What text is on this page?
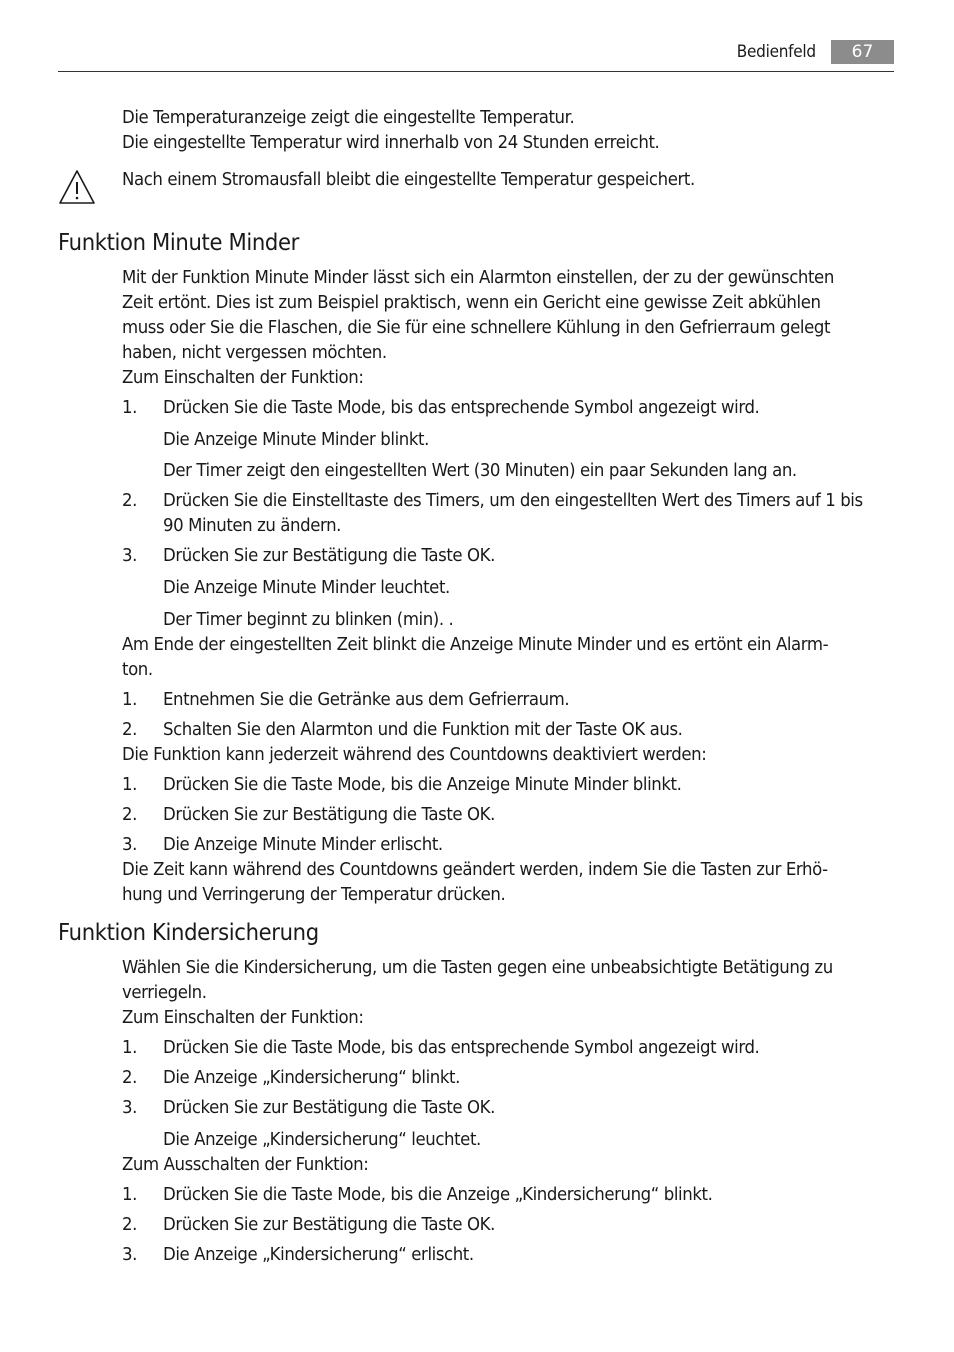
Bedienfeld	67
Die Temperaturanzeige zeigt die eingestellte Temperatur.
Die eingestellte Temperatur wird innerhalb von 24 Stunden erreicht.
Nach einem Stromausfall bleibt die eingestellte Temperatur gespeichert.
Funktion Minute Minder
Mit der Funktion Minute Minder lässt sich ein Alarmton einstellen, der zu der gewünschten
Zeit ertönt. Dies ist zum Beispiel praktisch, wenn ein Gericht eine gewisse Zeit abkühlen
muss oder Sie die Flaschen, die Sie für eine schnellere Kühlung in den Gefrierraum gelegt
haben, nicht vergessen möchten.
Zum Einschalten der Funktion:
1. Drücken Sie die Taste Mode, bis das entsprechende Symbol angezeigt wird.
Die Anzeige Minute Minder blinkt.
Der Timer zeigt den eingestellten Wert (30 Minuten) ein paar Sekunden lang an.
2. Drücken Sie die Einstelltaste des Timers, um den eingestellten Wert des Timers auf 1 bis
90 Minuten zu ändern.
3. Drücken Sie zur Bestätigung die Taste OK.
Die Anzeige Minute Minder leuchtet.
Der Timer beginnt zu blinken (min). .
Am Ende der eingestellten Zeit blinkt die Anzeige Minute Minder und es ertönt ein Alarm-
ton.
1. Entnehmen Sie die Getränke aus dem Gefrierraum.
2. Schalten Sie den Alarmton und die Funktion mit der Taste OK aus.
Die Funktion kann jederzeit während des Countdowns deaktiviert werden:
1. Drücken Sie die Taste Mode, bis die Anzeige Minute Minder blinkt.
2. Drücken Sie zur Bestätigung die Taste OK.
3. Die Anzeige Minute Minder erlischt.
Die Zeit kann während des Countdowns geändert werden, indem Sie die Tasten zur Erhö-
hung und Verringerung der Temperatur drücken.
Funktion Kindersicherung
Wählen Sie die Kindersicherung, um die Tasten gegen eine unbeabsichtigte Betätigung zu
verriegeln.
Zum Einschalten der Funktion:
1. Drücken Sie die Taste Mode, bis das entsprechende Symbol angezeigt wird.
2. Die Anzeige „Kindersicherung“ blinkt.
3. Drücken Sie zur Bestätigung die Taste OK.
Die Anzeige „Kindersicherung“ leuchtet.
Zum Ausschalten der Funktion:
1. Drücken Sie die Taste Mode, bis die Anzeige „Kindersicherung“ blinkt.
2. Drücken Sie zur Bestätigung die Taste OK.
3. Die Anzeige „Kindersicherung“ erlischt.
